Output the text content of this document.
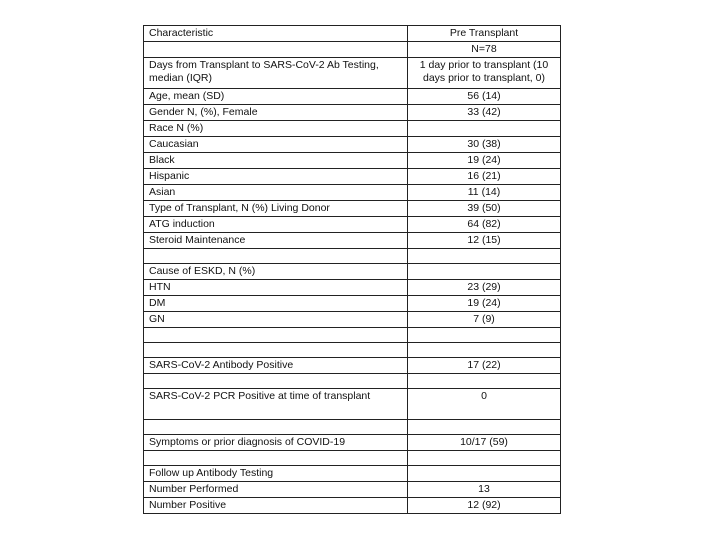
Characteristic	Pre Transplant
	N=78
Days from Transplant to SARS-CoV-2 Ab Testing, median (IQR)	1 day prior to transplant (10 days prior to transplant, 0)
Age, mean (SD)	56 (14)
Gender N, (%), Female	33 (42)
Race N (%)	
Caucasian	30 (38)
Black	19 (24)
Hispanic	16 (21)
Asian	11 (14)
Type of Transplant, N (%) Living Donor	39 (50)
ATG induction	64 (82)
Steroid Maintenance	12 (15)

Cause of ESKD, N (%)	
HTN	23 (29)
DM	19 (24)
GN	7 (9)

SARS-CoV-2 Antibody Positive	17 (22)

SARS-CoV-2 PCR Positive at time of transplant	0

Symptoms or prior diagnosis of COVID-19	10/17 (59)

Follow up Antibody Testing	
Number Performed	13
Number Positive	12 (92)
